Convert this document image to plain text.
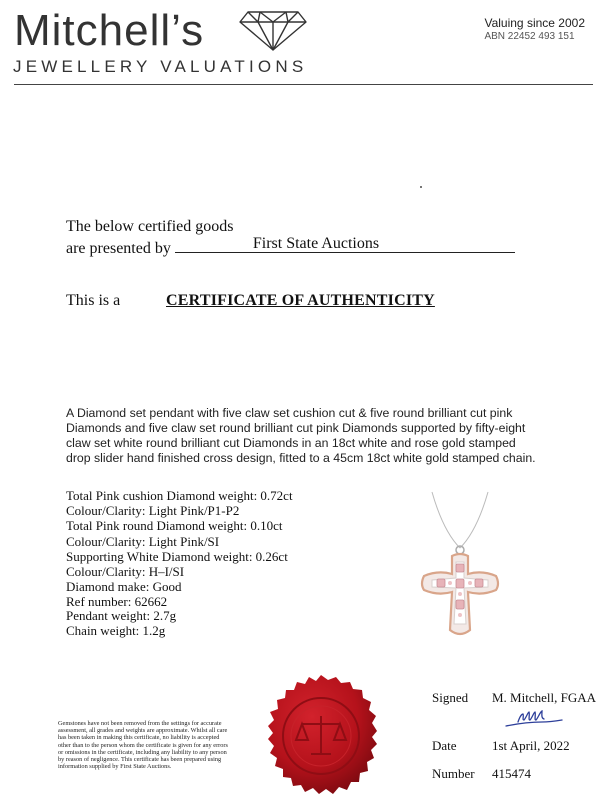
Mitchell’s
JEWELLERY VALUATIONS
Valuing since 2002
ABN 22452 493 151
The below certified goods
are presented by	First State Auctions
This is a	CERTIFICATE OF AUTHENTICITY
A Diamond set pendant with five claw set cushion cut & five round brilliant cut pink Diamonds and five claw set round brilliant cut pink Diamonds supported by fifty-eight claw set white round brilliant cut Diamonds in an 18ct white and rose gold stamped drop slider hand finished cross design, fitted to a 45cm 18ct white gold stamped chain.
Total Pink cushion Diamond weight: 0.72ct
Colour/Clarity: Light Pink/P1-P2
Total Pink round Diamond weight: 0.10ct
Colour/Clarity: Light Pink/SI
Supporting White Diamond weight: 0.26ct
Colour/Clarity: H–I/SI
Diamond make: Good
Ref number: 62662
Pendant weight: 2.7g
Chain weight: 1.2g
Gemstones have not been removed from the settings for accurate assessment, all grades and weights are approximate. Whilst all care has been taken in making this certificate, no liability is accepted other than to the person whom the certificate is given for any errors or omissions in the certificate, including any liability to any person by reason of negligence. This certificate has been prepared using information supplied by First State Auctions.
Signed M. Mitchell, FGAA
Date	1st April, 2022
Number 415474
